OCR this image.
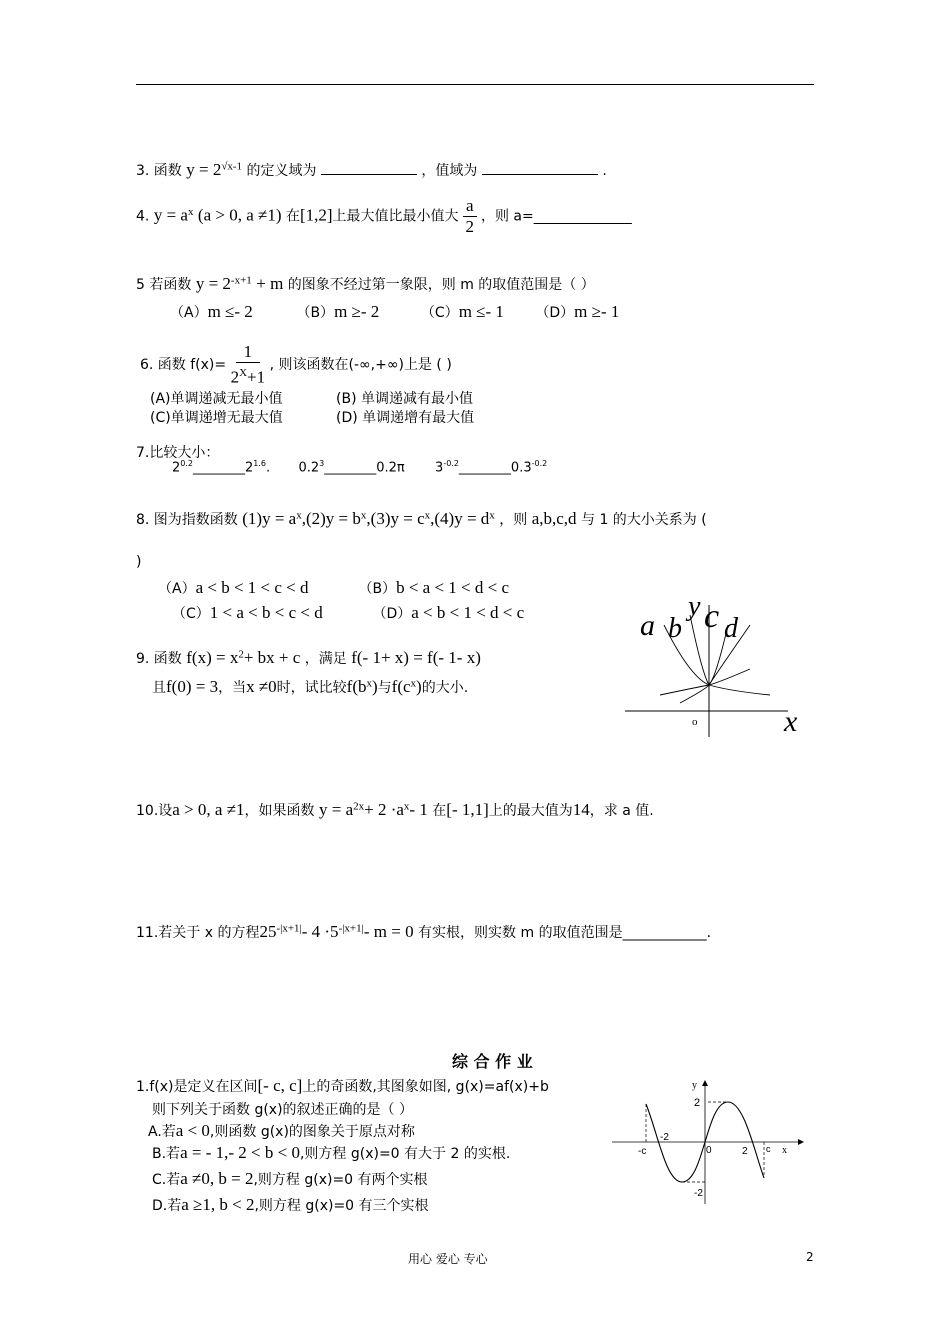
3. 函数 $y = 2^{√x-1}$ 的定义域为	，值域为	.
4. $y = a^x$ (a > 0, a ≠1) 在[1,2]上最大值比最小值大 $\frac{a}{2}$ ，则 a=______________
5 若函数 $y = 2^{-x+1} + m$ 的图象不经过第一象限，则 m 的取值范围是（ ）
（A）m ≤- 2	（B）m ≥- 2	（C）m ≤- 1 （D）m ≥- 1
6. 函数 $f(x)= \frac{1}{2^X+1}$ , 则该函数在(-∞,+∞)上是 ( )
(A)单调递减无最小值	(B) 单调递减有最小值
(C)单调递增无最大值	(D) 单调递增有最大值
7.比较大小：
$2^{0.2}\_\_\_\_\_\_\_\_2^{1.6}$. $0.2^3\_\_\_\_\_\_\_\_0.2\pi$ $3^{-0.2}\_\_\_\_\_\_\_\_0.3^{-0.2}$
8. 图为指数函数 $(1)y = a^x,(2)y = b^x,(3)y = c^x,(4)y = d^x$ ，则 a,b,c,d 与 1 的大小关系为 (
)
（A）a < b < 1 < c < d	（B）b < a < 1 < d < c
（C）1 < a < b < c < d	（D）a < b < 1 < d < c	y
x
o
a b c d
9. 函数 $f(x) = x^2+$ bx + c ，满足 f(- 1+ x) = f(- 1- x)
且f(0) = 3，当x ≠0时，试比较$f(b^x)$与$f(c^x)$的大小.
10.设a > 0, a ≠1，如果函数 $y = a^{2x}+ 2 \cdot a^x-$ 1 在[- 1,1]上的最大值为14，求 a 值.
11.若关于 x 的方程$25^{-|x+1|}-$ $4 \cdot 5^{-|x+1|}-$ m = 0 有实根，则实数 m 的取值范围是____________.
综 合 作 业
1.f(x)是定义在区间[- c, c]上的奇函数,其图象如图, g(x)=af(x)+b
则下列关于函数 g(x)的叙述正确的是（ ）
A.若a < 0,则函数 g(x)的图象关于原点对称
B.若a = - 1,- 2 < b < 0,则方程 g(x)=0 有大于 2 的实根.
C.若a ≠0, b = 2,则方程 g(x)=0 有两个实根
D.若a ≥1, b < 2,则方程 g(x)=0 有三个实根
y
x
2
-2
-2
-c	0	2 c
用心 爱心 专心	2
